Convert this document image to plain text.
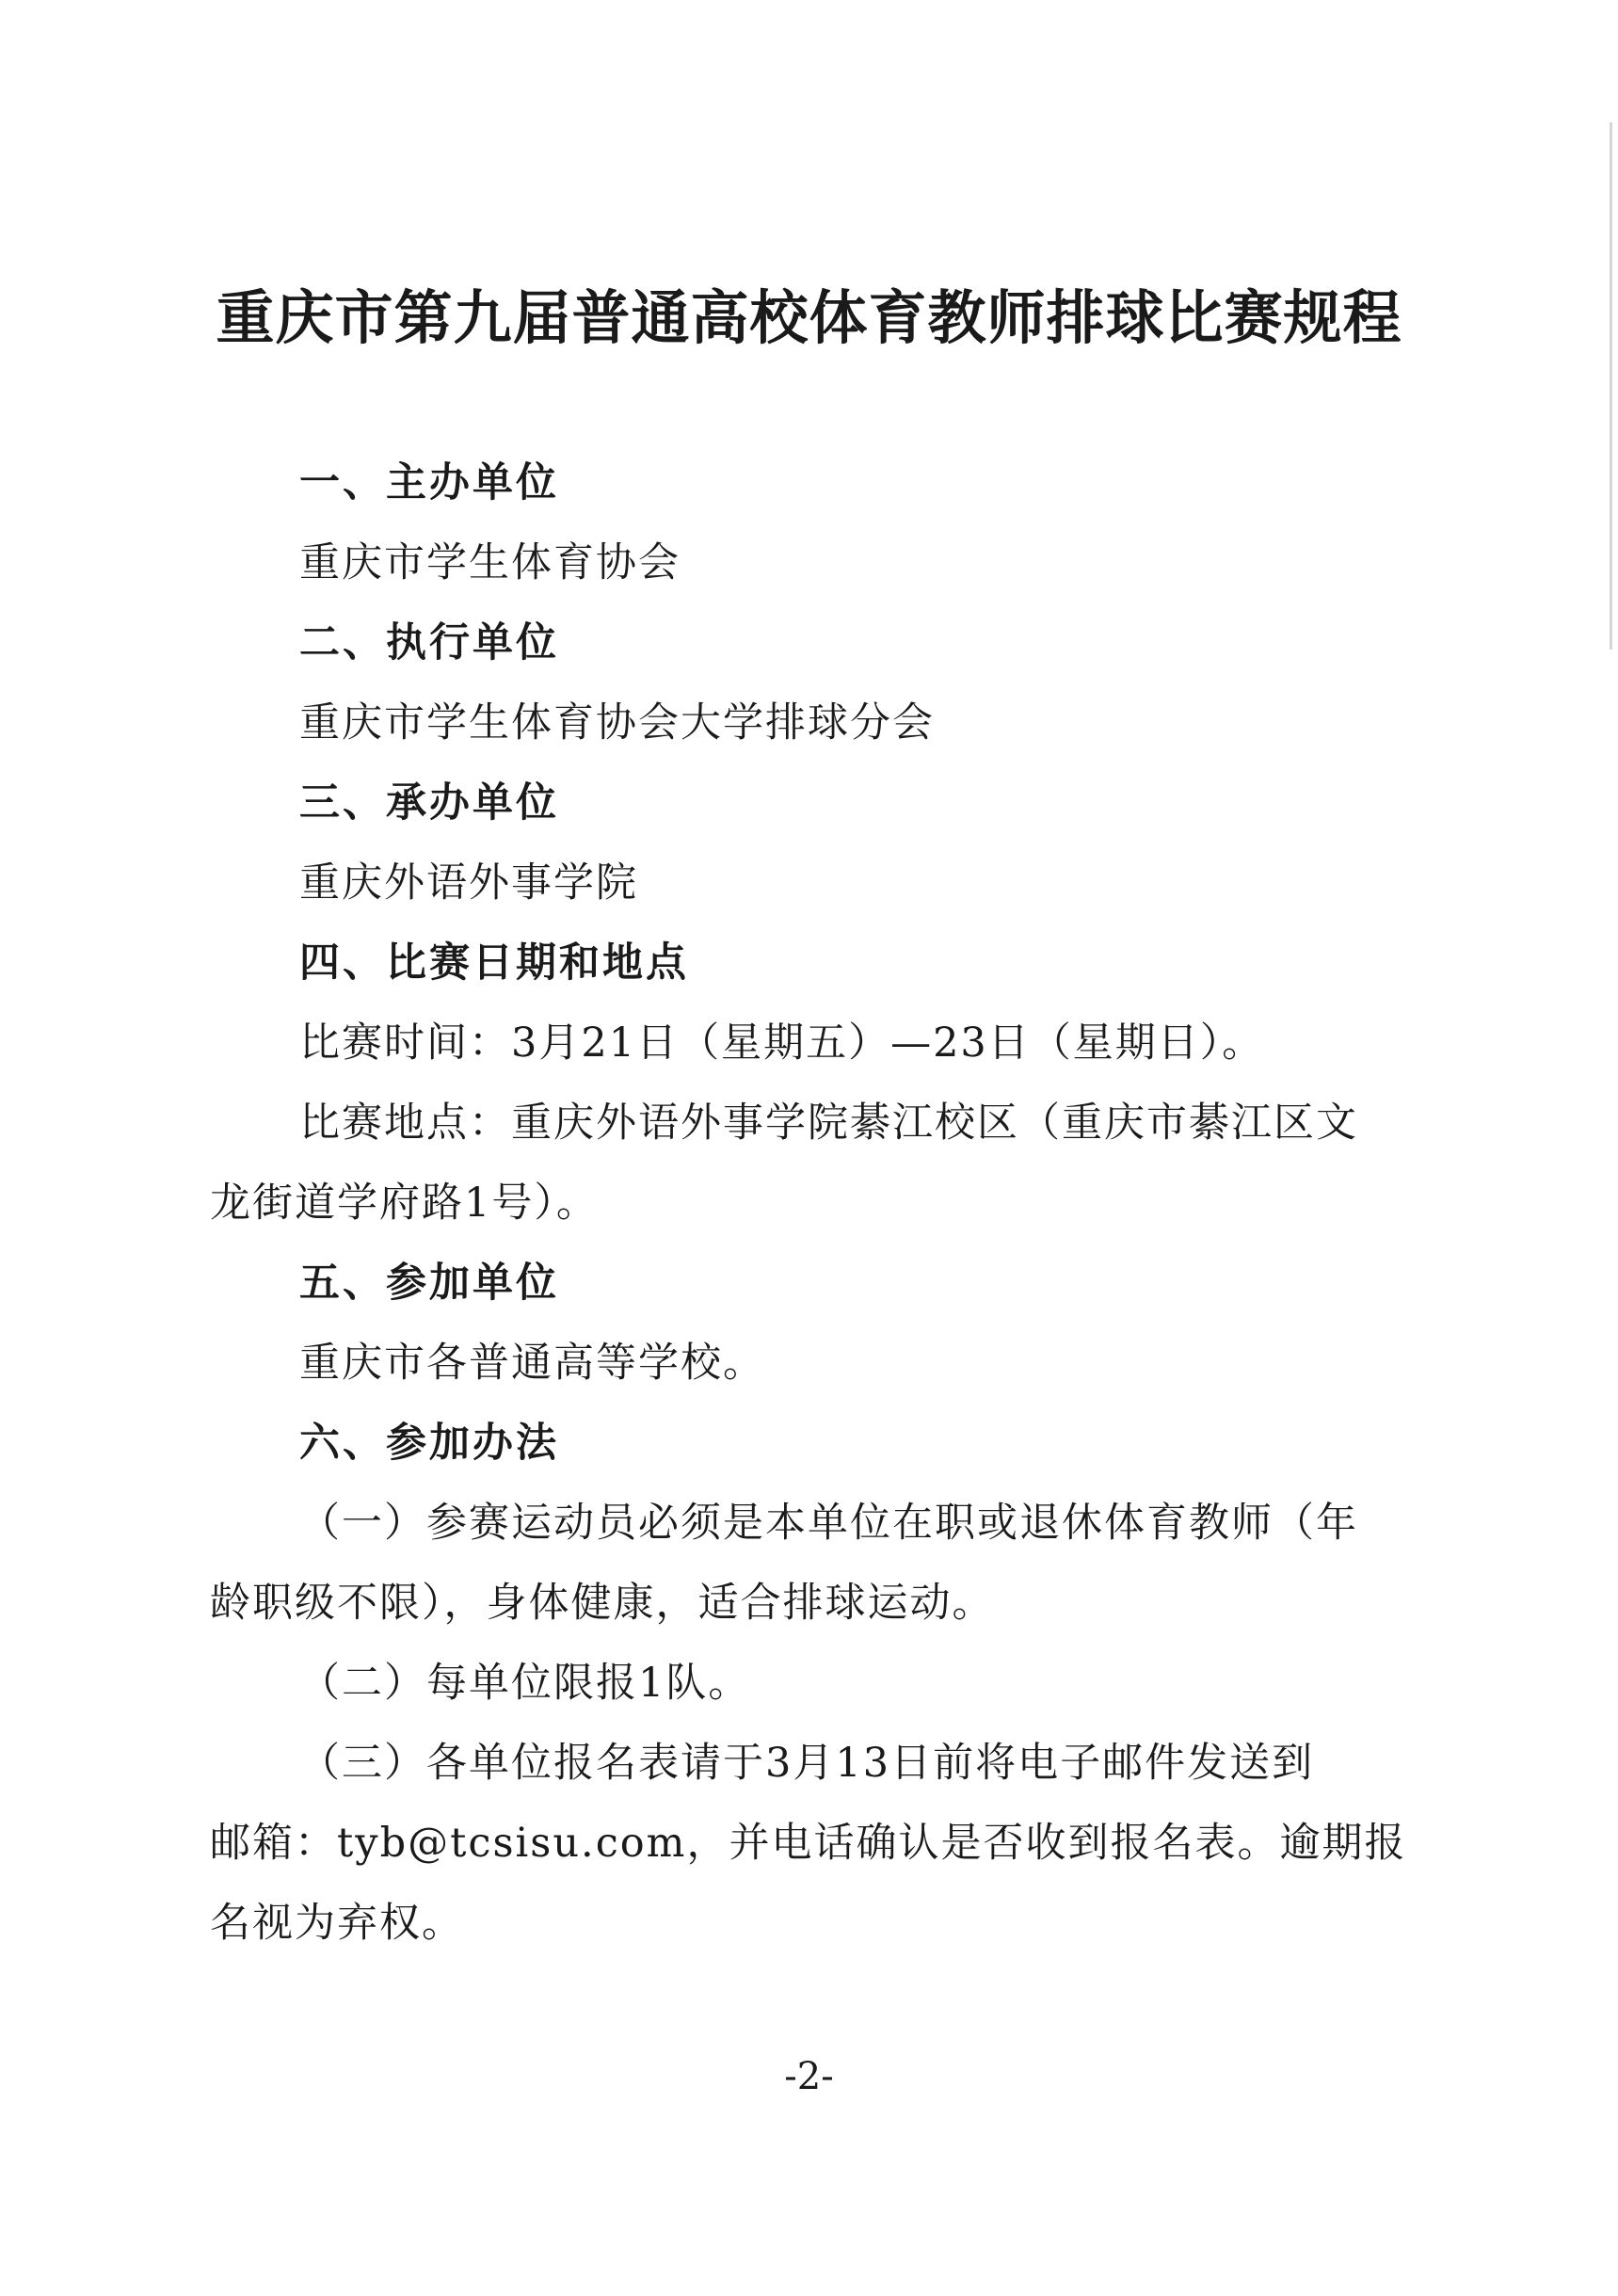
重庆市第九届普通高校体育教师排球比赛规程
一、主办单位
重庆市学生体育协会
二、执行单位
重庆市学生体育协会大学排球分会
三、承办单位
重庆外语外事学院
四、比赛日期和地点
比赛时间：3月21日（星期五）—23日（星期日）。
比赛地点：重庆外语外事学院綦江校区（重庆市綦江区文
龙街道学府路1号）。
五、参加单位
重庆市各普通高等学校。
六、参加办法
（一）参赛运动员必须是本单位在职或退休体育教师（年
龄职级不限），身体健康，适合排球运动。
（二）每单位限报1队。
（三）各单位报名表请于3月13日前将电子邮件发送到
邮箱：tyb@tcsisu.com，并电话确认是否收到报名表。逾期报
名视为弃权。
-2-
